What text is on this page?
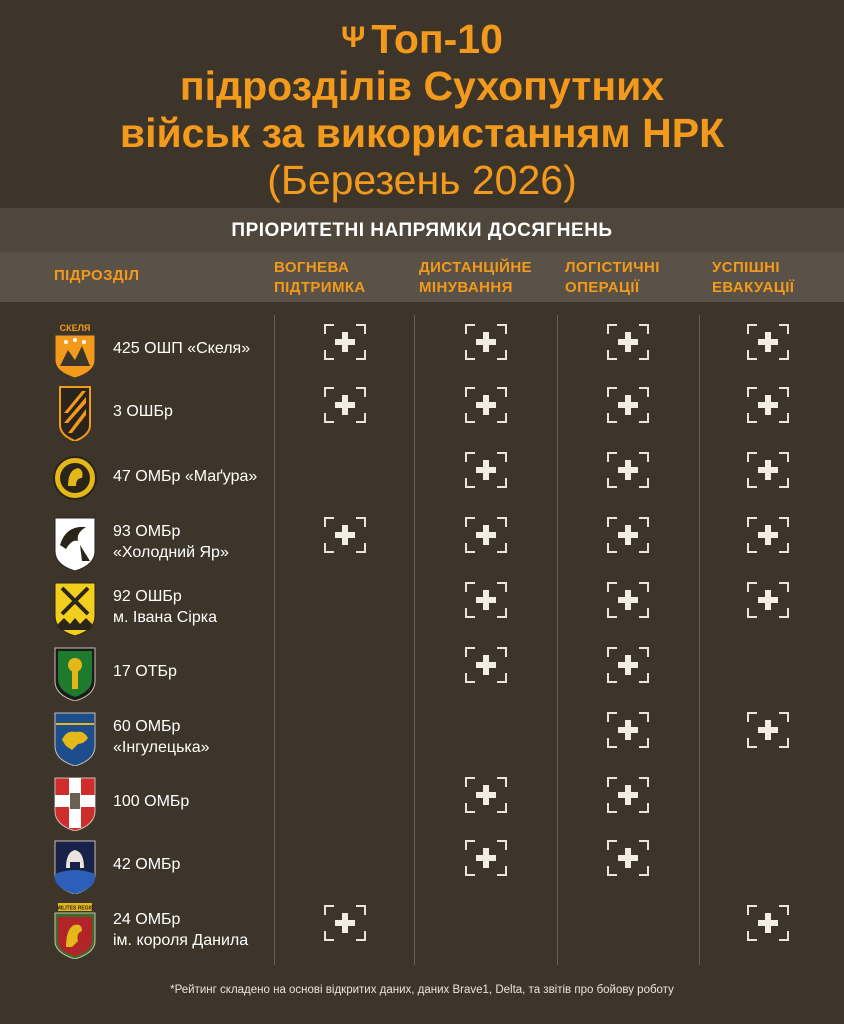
Ψ Топ-10
підрозділів Сухопутних
військ за використанням НРК
(Березень 2026)
ПРІОРИТЕТНІ НАПРЯМКИ ДОСЯГНЕНЬ
ПІДРОЗДІЛ	ВОГНЕВА
ПІДТРИМКА
ДИСТАНЦІЙНЕ
МІНУВАННЯ
ЛОГІСТИЧНІ
ОПЕРАЦІЇ
УСПІШНІ
ЕВАКУАЦІЇ
СКЕЛЯ
425 ОШП «Скеля»
3 ОШБр
47 ОМБр «Маґура»
93 ОМБр
«Холодний Яр»
92 ОШБр
м. Івана Сірка
17 ОТБр
60 ОМБр
«Інгулецька»
100 ОМБр
42 ОМБр
MILITES REGIS
24 ОМБр
ім. короля Данила
*Рейтинг складено на основі відкритих даних, даних Brave1, Delta, та звітів про бойову роботу
